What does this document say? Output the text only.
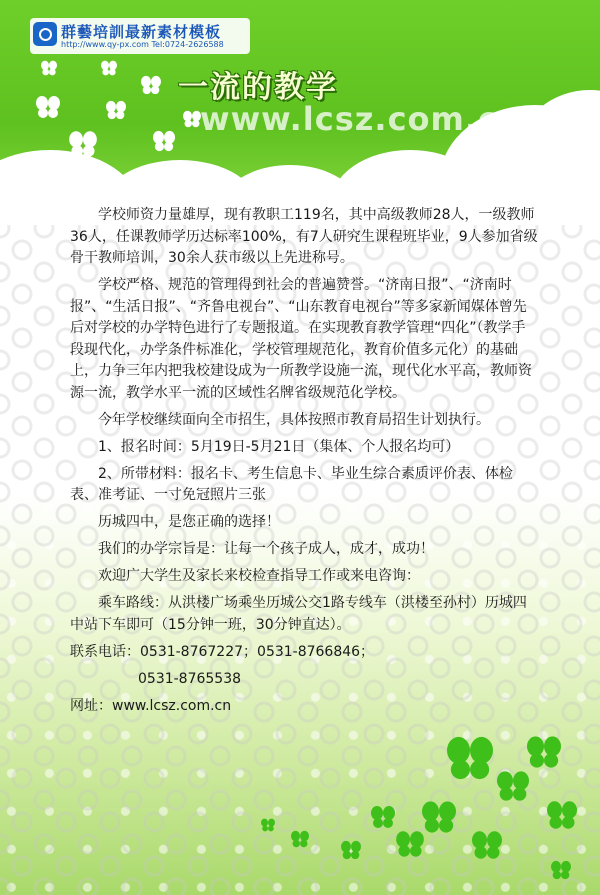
群藝培訓最新素材模板
http://www.qy-px.com Tel:0724-2626588
一流的教学
www.lcsz.com.cn

学校师资力量雄厚，现有教职工119名，其中高级教师28人，一级教师36人，任课教师学历达标率100%，有7人研究生课程班毕业，9人参加省级骨干教师培训，30余人获市级以上先进称号。

学校严格、规范的管理得到社会的普遍赞誉。“济南日报”、“济南时报”、“生活日报”、“齐鲁电视台”、“山东教育电视台”等多家新闻媒体曾先后对学校的办学特色进行了专题报道。在实现教育教学管理“四化”（教学手段现代化，办学条件标准化，学校管理规范化，教育价值多元化）的基础上，力争三年内把我校建设成为一所教学设施一流，现代化水平高，教师资源一流，教学水平一流的区域性名牌省级规范化学校。

今年学校继续面向全市招生，具体按照市教育局招生计划执行。

1、报名时间：5月19日-5月21日（集体、个人报名均可）

2、所带材料：报名卡、考生信息卡、毕业生综合素质评价表、体检表、准考证、一寸免冠照片三张

历城四中，是您正确的选择！

我们的办学宗旨是：让每一个孩子成人，成才，成功！

欢迎广大学生及家长来校检查指导工作或来电咨询：

乘车路线：从洪楼广场乘坐历城公交1路专线车（洪楼至孙村）历城四中站下车即可（15分钟一班，30分钟直达）。

联系电话：0531-8767227；0531-8766846；

0531-8765538

网址：www.lcsz.com.cn
